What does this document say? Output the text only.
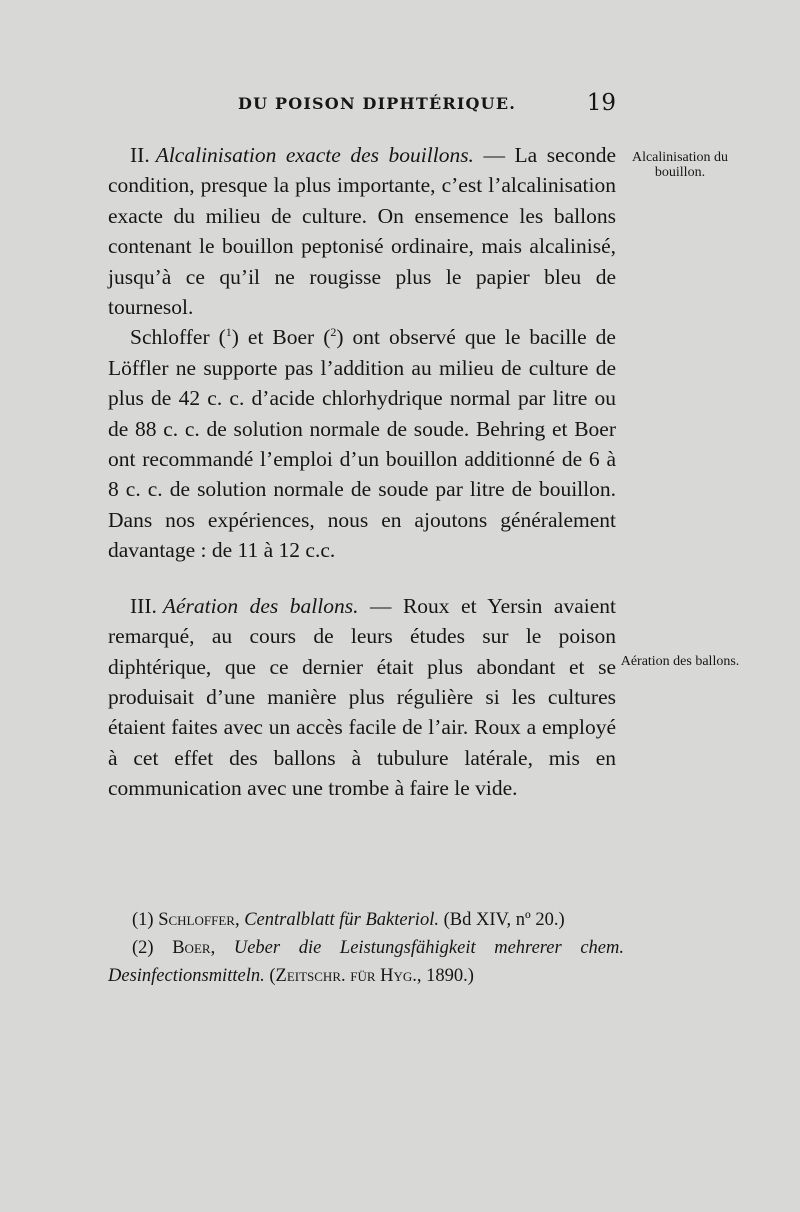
DU POISON DIPHTÉRIQUE.	19
Alcalinisation du bouillon.
Aération des ballons.

II. Alcalinisation exacte des bouillons. — La seconde condition, presque la plus importante, c’est l’alcalinisation exacte du milieu de culture. On ensemence les ballons contenant le bouillon peptonisé ordinaire, mais alcalinisé, jusqu’à ce qu’il ne rougisse plus le papier bleu de tournesol.

Schloffer ($^1$) et Boer ($^2$) ont observé que le bacille de Löffler ne supporte pas l’addition au milieu de culture de plus de 42 c. c. d’acide chlorhydrique normal par litre ou de 88 c. c. de solution normale de soude. Behring et Boer ont recommandé l’emploi d’un bouillon additionné de 6 à 8 c. c. de solution normale de soude par litre de bouillon. Dans nos expériences, nous en ajoutons généralement davantage : de 11 à 12 c.c.

III. Aération des ballons. — Roux et Yersin avaient remarqué, au cours de leurs études sur le poison diphtérique, que ce dernier était plus abondant et se produisait d’une manière plus régulière si les cultures étaient faites avec un accès facile de l’air. Roux a employé à cet effet des ballons à tubulure latérale, mis en communication avec une trombe à faire le vide.

(1) Schloffer, Centralblatt für Bakteriol. (Bd XIV, nº 20.)

(2) Boer, Ueber die Leistungsfähigkeit mehrerer chem. Desinfectionsmitteln. (Zeitschr. für Hyg., 1890.)
